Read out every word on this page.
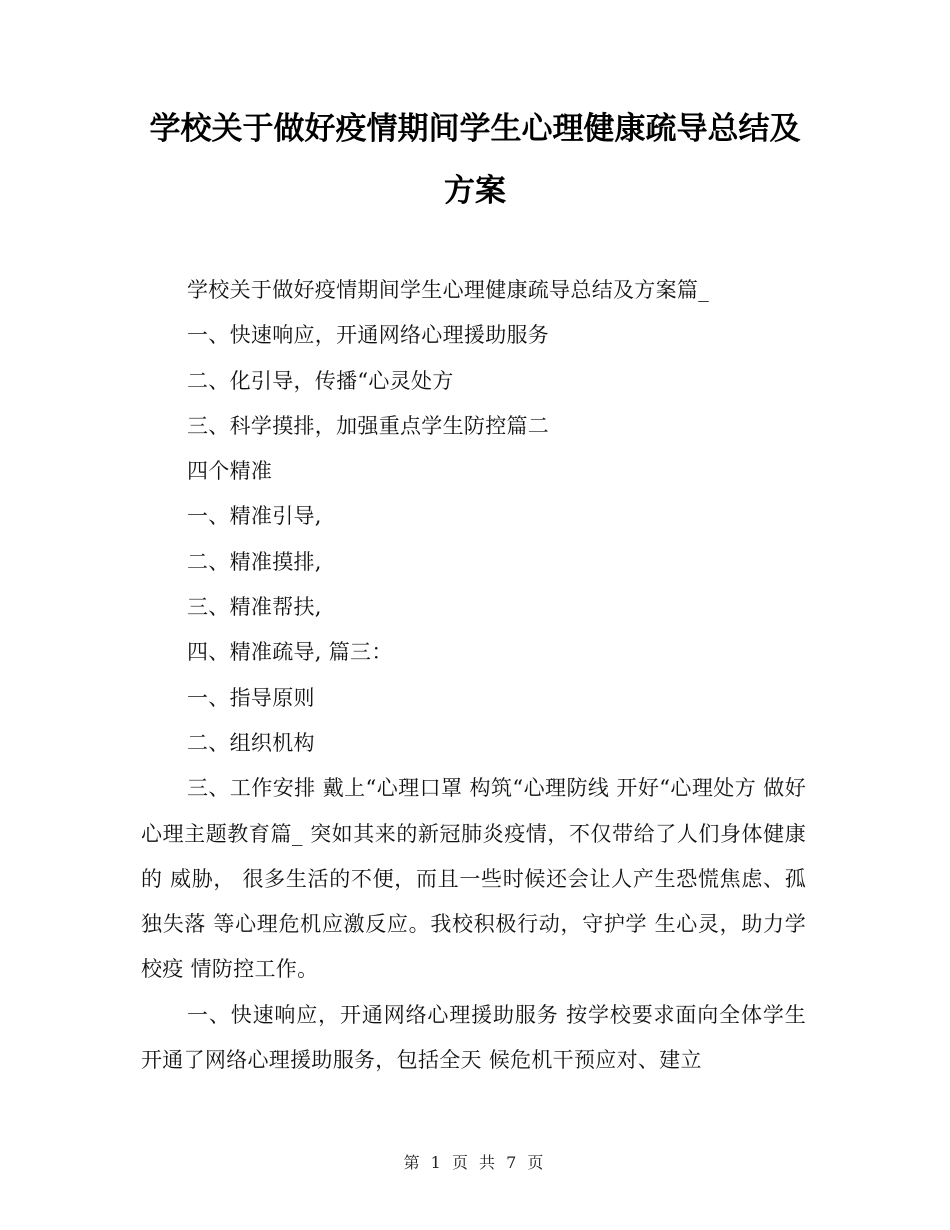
学校关于做好疫情期间学生心理健康疏导总结及方案

学校关于做好疫情期间学生心理健康疏导总结及方案篇_

一、快速响应，开通网络心理援助服务

二、化引导，传播“心灵处方

三、科学摸排，加强重点学生防控篇二

四个精准

一、精准引导,

二、精准摸排,

三、精准帮扶,

四、精准疏导, 篇三：

一、指导原则

二、组织机构

三、工作安排 戴上“心理口罩 构筑“心理防线 开好“心理处方 做好心理主题教育篇_ 突如其来的新冠肺炎疫情，不仅带给了人们身体健康的 威胁， 很多生活的不便，而且一些时候还会让人产生恐慌焦虑、孤独失落 等心理危机应激反应。我校积极行动，守护学 生心灵，助力学校疫 情防控工作。

一、快速响应，开通网络心理援助服务 按学校要求面向全体学生开通了网络心理援助服务，包括全天 候危机干预应对、建立

第 1 页 共 7 页
